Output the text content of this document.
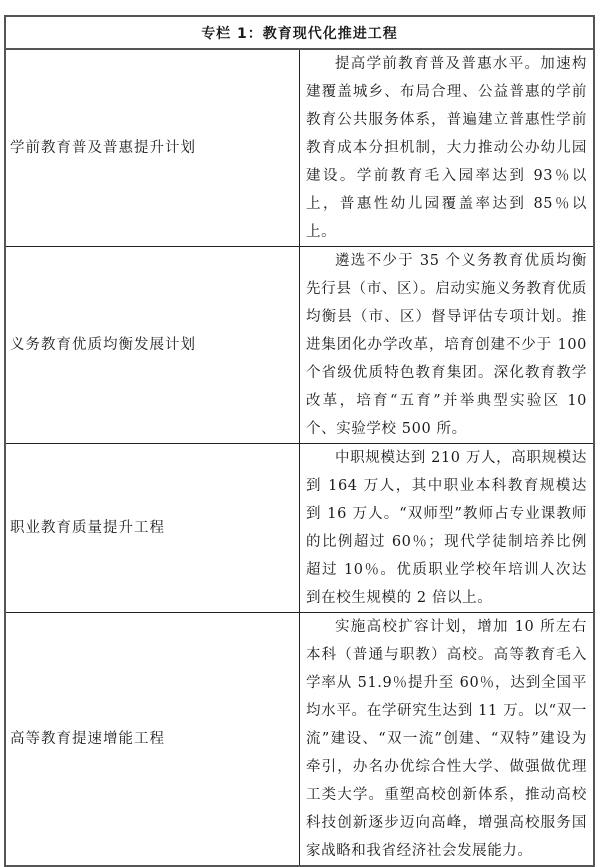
专栏 1：教育现代化推进工程	
学前教育普及普惠提升计划	提高学前教育普及普惠水平。加速构建覆盖城乡、布局合理、公益普惠的学前教育公共服务体系，普遍建立普惠性学前教育成本分担机制，大力推动公办幼儿园建设。学前教育毛入园率达到 93％以上，普惠性幼儿园覆盖率达到 85％以上。
义务教育优质均衡发展计划	遴选不少于 35 个义务教育优质均衡先行县（市、区）。启动实施义务教育优质均衡县（市、区）督导评估专项计划。推进集团化办学改革，培育创建不少于 100 个省级优质特色教育集团。深化教育教学改革，培育“五育”并举典型实验区 10 个、实验学校 500 所。
职业教育质量提升工程	中职规模达到 210 万人，高职规模达到 164 万人，其中职业本科教育规模达到 16 万人。“双师型”教师占专业课教师的比例超过 60％；现代学徒制培养比例超过 10％。优质职业学校年培训人次达到在校生规模的 2 倍以上。
高等教育提速增能工程	实施高校扩容计划，增加 10 所左右本科（普通与职教）高校。高等教育毛入学率从 51.9％提升至 60％，达到全国平均水平。在学研究生达到 11 万。以“双一流”建设、“双一流”创建、“双特”建设为牵引，办名办优综合性大学、做强做优理工类大学。重塑高校创新体系，推动高校科技创新逐步迈向高峰，增强高校服务国家战略和我省经济社会发展能力。
